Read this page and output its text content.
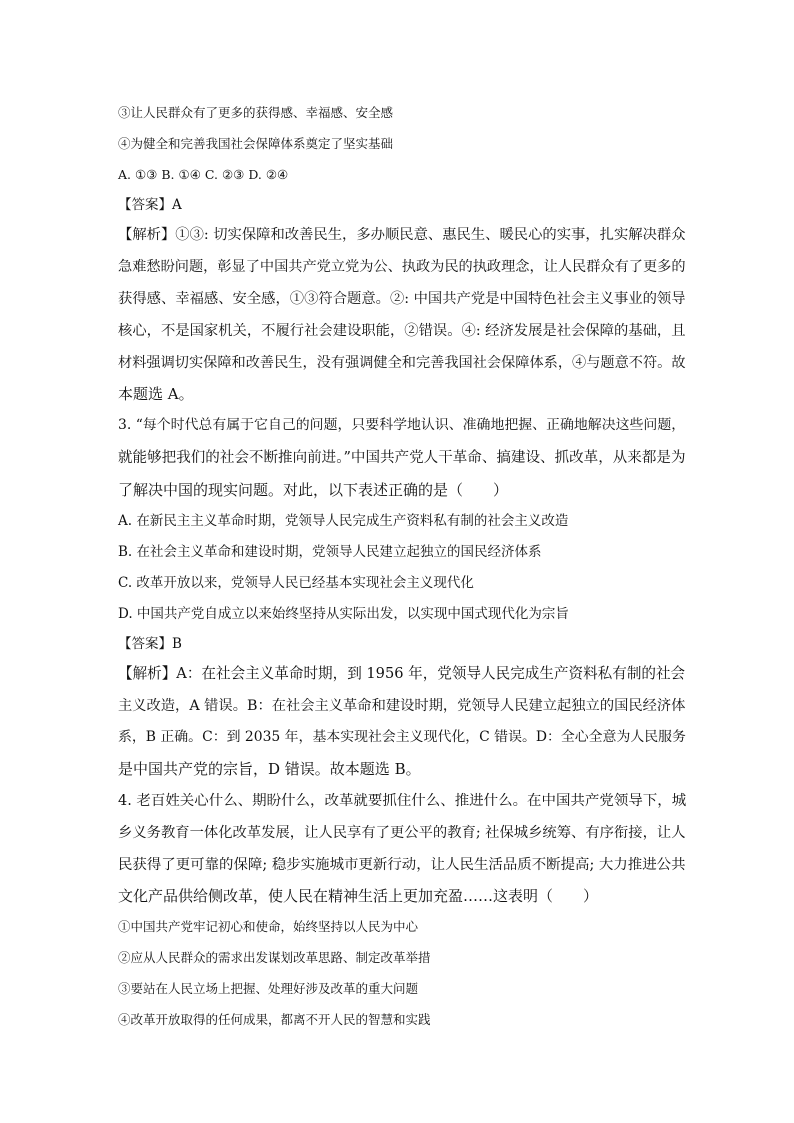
③让人民群众有了更多的获得感、幸福感、安全感
④为健全和完善我国社会保障体系奠定了坚实基础
A. ①③ B. ①④ C. ②③ D. ②④
【答案】A
【解析】①③: 切实保障和改善民生，多办顺民意、惠民生、暖民心的实事，扎实解决群众
急难愁盼问题，彰显了中国共产党立党为公、执政为民的执政理念，让人民群众有了更多的
获得感、幸福感、安全感，①③符合题意。②: 中国共产党是中国特色社会主义事业的领导
核心，不是国家机关，不履行社会建设职能，②错误。④: 经济发展是社会保障的基础，且
材料强调切实保障和改善民生，没有强调健全和完善我国社会保障体系，④与题意不符。故
本题选 A。
3. “每个时代总有属于它自己的问题，只要科学地认识、准确地把握、正确地解决这些问题，
就能够把我们的社会不断推向前进。”中国共产党人干革命、搞建设、抓改革，从来都是为
了解决中国的现实问题。对此，以下表述正确的是（　　）
A. 在新民主主义革命时期，党领导人民完成生产资料私有制的社会主义改造
B. 在社会主义革命和建设时期，党领导人民建立起独立的国民经济体系
C. 改革开放以来，党领导人民已经基本实现社会主义现代化
D. 中国共产党自成立以来始终坚持从实际出发，以实现中国式现代化为宗旨
【答案】B
【解析】A：在社会主义革命时期，到 1956 年，党领导人民完成生产资料私有制的社会
主义改造，A 错误。B：在社会主义革命和建设时期，党领导人民建立起独立的国民经济体
系，B 正确。C：到 2035 年，基本实现社会主义现代化，C 错误。D：全心全意为人民服务
是中国共产党的宗旨，D 错误。故本题选 B。
4. 老百姓关心什么、期盼什么，改革就要抓住什么、推进什么。在中国共产党领导下，城
乡义务教育一体化改革发展，让人民享有了更公平的教育; 社保城乡统筹、有序衔接，让人
民获得了更可靠的保障; 稳步实施城市更新行动，让人民生活品质不断提高; 大力推进公共
文化产品供给侧改革，使人民在精神生活上更加充盈……这表明（　　）
①中国共产党牢记初心和使命，始终坚持以人民为中心
②应从人民群众的需求出发谋划改革思路、制定改革举措
③要站在人民立场上把握、处理好涉及改革的重大问题
④改革开放取得的任何成果，都离不开人民的智慧和实践
